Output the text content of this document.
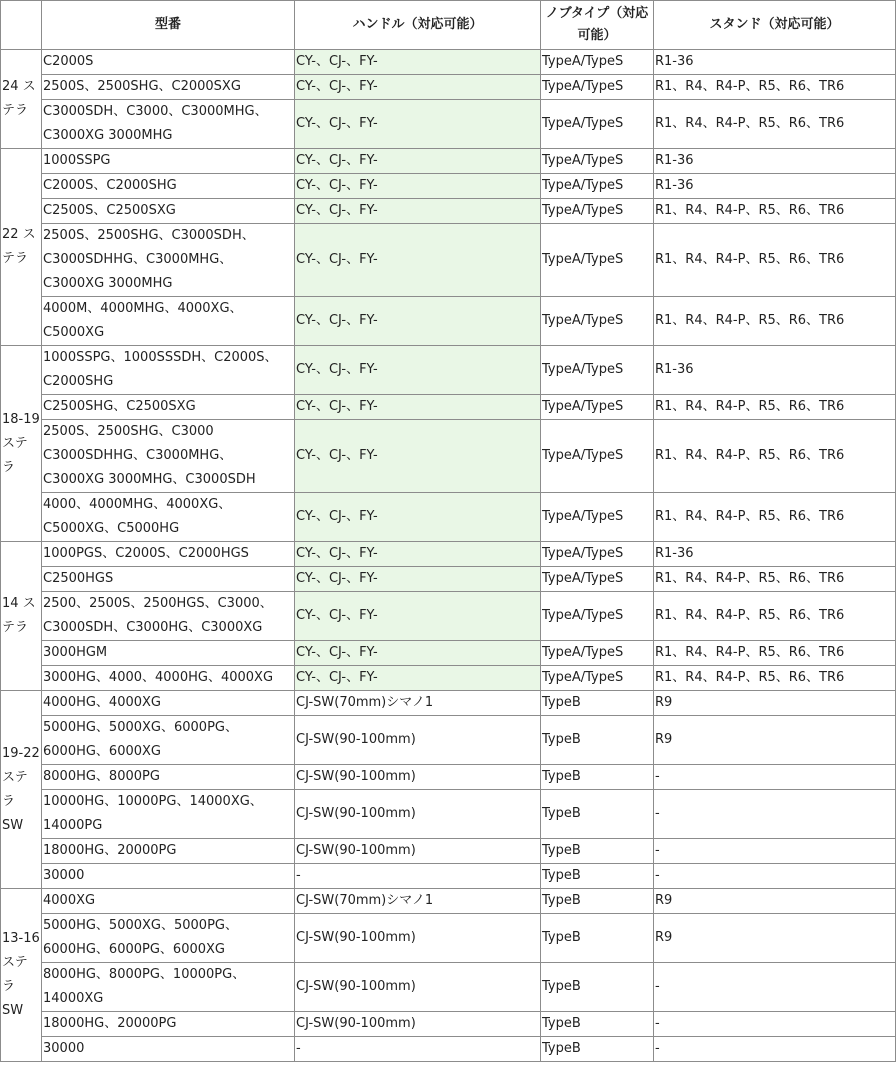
	型番	ハンドル（対応可能）	ノブタイプ（対応可能）	スタンド（対応可能）
24 ステラ	C2000S	CY-、CJ-、FY-	TypeA/TypeS	R1-36
	2500S、2500SHG、C2000SXG	CY-、CJ-、FY-	TypeA/TypeS	R1、R4、R4-P、R5、R6、TR6
	C3000SDH、C3000、C3000MHG、C3000XG 3000MHG	CY-、CJ-、FY-	TypeA/TypeS	R1、R4、R4-P、R5、R6、TR6
22 ステラ	1000SSPG	CY-、CJ-、FY-	TypeA/TypeS	R1-36
	C2000S、C2000SHG	CY-、CJ-、FY-	TypeA/TypeS	R1-36
	C2500S、C2500SXG	CY-、CJ-、FY-	TypeA/TypeS	R1、R4、R4-P、R5、R6、TR6
	2500S、2500SHG、C3000SDH、C3000SDHHG、C3000MHG、C3000XG 3000MHG	CY-、CJ-、FY-	TypeA/TypeS	R1、R4、R4-P、R5、R6、TR6
	4000M、4000MHG、4000XG、C5000XG	CY-、CJ-、FY-	TypeA/TypeS	R1、R4、R4-P、R5、R6、TR6
18-19 ステラ	1000SSPG、1000SSSDH、C2000S、C2000SHG	CY-、CJ-、FY-	TypeA/TypeS	R1-36
	C2500SHG、C2500SXG	CY-、CJ-、FY-	TypeA/TypeS	R1、R4、R4-P、R5、R6、TR6
	2500S、2500SHG、C3000 C3000SDHHG、C3000MHG、C3000XG 3000MHG、C3000SDH	CY-、CJ-、FY-	TypeA/TypeS	R1、R4、R4-P、R5、R6、TR6
	4000、4000MHG、4000XG、C5000XG、C5000HG	CY-、CJ-、FY-	TypeA/TypeS	R1、R4、R4-P、R5、R6、TR6
14 ステラ	1000PGS、C2000S、C2000HGS	CY-、CJ-、FY-	TypeA/TypeS	R1-36
	C2500HGS	CY-、CJ-、FY-	TypeA/TypeS	R1、R4、R4-P、R5、R6、TR6
	2500、2500S、2500HGS、C3000、C3000SDH、C3000HG、C3000XG	CY-、CJ-、FY-	TypeA/TypeS	R1、R4、R4-P、R5、R6、TR6
	3000HGM	CY-、CJ-、FY-	TypeA/TypeS	R1、R4、R4-P、R5、R6、TR6
	3000HG、4000、4000HG、4000XG	CY-、CJ-、FY-	TypeA/TypeS	R1、R4、R4-P、R5、R6、TR6
19-22 ステラ SW	4000HG、4000XG	CJ-SW(70mm)シマノ1	TypeB	R9
	5000HG、5000XG、6000PG、6000HG、6000XG	CJ-SW(90-100mm)	TypeB	R9
	8000HG、8000PG	CJ-SW(90-100mm)	TypeB	-
	10000HG、10000PG、14000XG、14000PG	CJ-SW(90-100mm)	TypeB	-
	18000HG、20000PG	CJ-SW(90-100mm)	TypeB	-
	30000	-	TypeB	-
13-16 ステラ SW	4000XG	CJ-SW(70mm)シマノ1	TypeB	R9
	5000HG、5000XG、5000PG、6000HG、6000PG、6000XG	CJ-SW(90-100mm)	TypeB	R9
	8000HG、8000PG、10000PG、14000XG	CJ-SW(90-100mm)	TypeB	-
	18000HG、20000PG	CJ-SW(90-100mm)	TypeB	-
	30000	-	TypeB	-
